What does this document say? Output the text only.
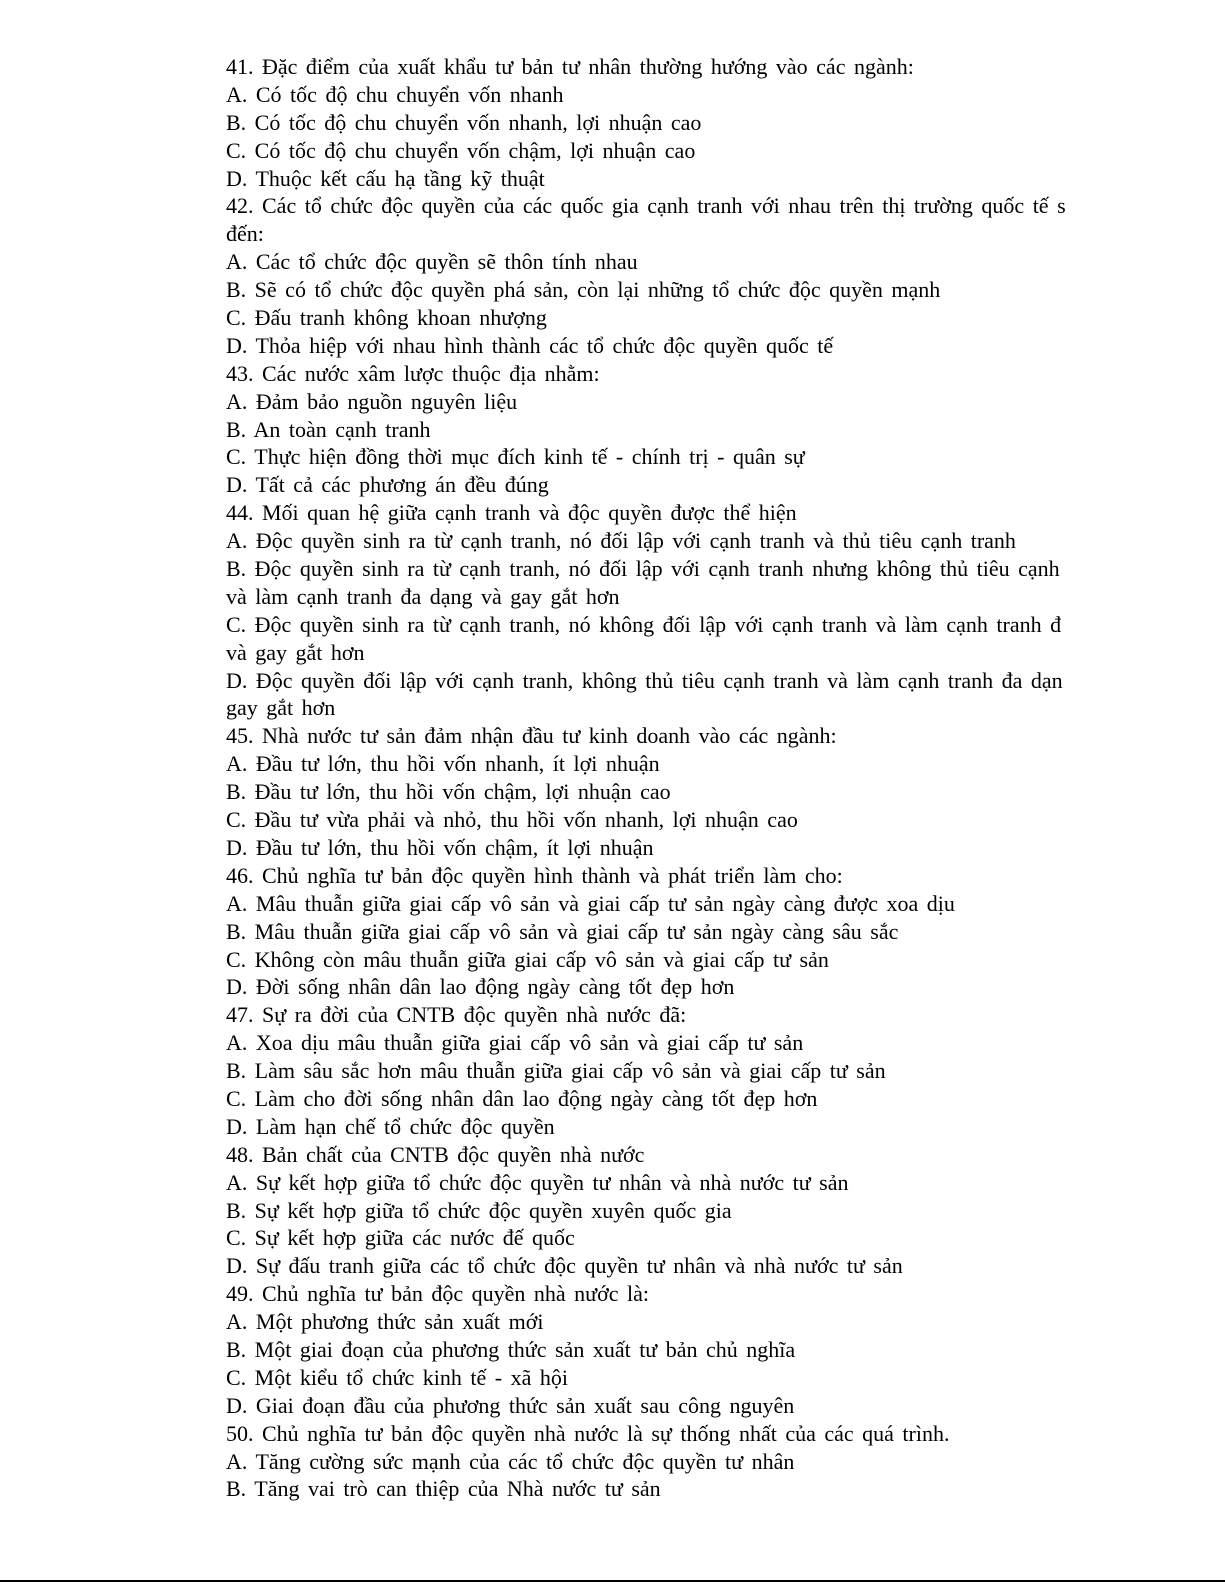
41. Đặc điểm của xuất khẩu tư bản tư nhân thường hướng vào các ngành:
A. Có tốc độ chu chuyển vốn nhanh
B. Có tốc độ chu chuyển vốn nhanh, lợi nhuận cao
C. Có tốc độ chu chuyển vốn chậm, lợi nhuận cao
D. Thuộc kết cấu hạ tầng kỹ thuật
42. Các tổ chức độc quyền của các quốc gia cạnh tranh với nhau trên thị trường quốc tế s
đến:
A. Các tổ chức độc quyền sẽ thôn tính nhau
B. Sẽ có tổ chức độc quyền phá sản, còn lại những tổ chức độc quyền mạnh
C. Đấu tranh không khoan nhượng
D. Thỏa hiệp với nhau hình thành các tổ chức độc quyền quốc tế
43. Các nước xâm lược thuộc địa nhằm:
A. Đảm bảo nguồn nguyên liệu
B. An toàn cạnh tranh
C. Thực hiện đồng thời mục đích kinh tế - chính trị - quân sự
D. Tất cả các phương án đều đúng
44. Mối quan hệ giữa cạnh tranh và độc quyền được thể hiện
A. Độc quyền sinh ra từ cạnh tranh, nó đối lập với cạnh tranh và thủ tiêu cạnh tranh
B. Độc quyền sinh ra từ cạnh tranh, nó đối lập với cạnh tranh nhưng không thủ tiêu cạnh
và làm cạnh tranh đa dạng và gay gắt hơn
C. Độc quyền sinh ra từ cạnh tranh, nó không đối lập với cạnh tranh và làm cạnh tranh đ
và gay gắt hơn
D. Độc quyền đối lập với cạnh tranh, không thủ tiêu cạnh tranh và làm cạnh tranh đa dạn
gay gắt hơn
45. Nhà nước tư sản đảm nhận đầu tư kinh doanh vào các ngành:
A. Đầu tư lớn, thu hồi vốn nhanh, ít lợi nhuận
B. Đầu tư lớn, thu hồi vốn chậm, lợi nhuận cao
C. Đầu tư vừa phải và nhỏ, thu hồi vốn nhanh, lợi nhuận cao
D. Đầu tư lớn, thu hồi vốn chậm, ít lợi nhuận
46. Chủ nghĩa tư bản độc quyền hình thành và phát triển làm cho:
A. Mâu thuẫn giữa giai cấp vô sản và giai cấp tư sản ngày càng được xoa dịu
B. Mâu thuẫn giữa giai cấp vô sản và giai cấp tư sản ngày càng sâu sắc
C. Không còn mâu thuẫn giữa giai cấp vô sản và giai cấp tư sản
D. Đời sống nhân dân lao động ngày càng tốt đẹp hơn
47. Sự ra đời của CNTB độc quyền nhà nước đã:
A. Xoa dịu mâu thuẫn giữa giai cấp vô sản và giai cấp tư sản
B. Làm sâu sắc hơn mâu thuẫn giữa giai cấp vô sản và giai cấp tư sản
C. Làm cho đời sống nhân dân lao động ngày càng tốt đẹp hơn
D. Làm hạn chế tổ chức độc quyền
48. Bản chất của CNTB độc quyền nhà nước
A. Sự kết hợp giữa tổ chức độc quyền tư nhân và nhà nước tư sản
B. Sự kết hợp giữa tổ chức độc quyền xuyên quốc gia
C. Sự kết hợp giữa các nước đế quốc
D. Sự đấu tranh giữa các tổ chức độc quyền tư nhân và nhà nước tư sản
49. Chủ nghĩa tư bản độc quyền nhà nước là:
A. Một phương thức sản xuất mới
B. Một giai đoạn của phương thức sản xuất tư bản chủ nghĩa
C. Một kiểu tổ chức kinh tế - xã hội
D. Giai đoạn đầu của phương thức sản xuất sau công nguyên
50. Chủ nghĩa tư bản độc quyền nhà nước là sự thống nhất của các quá trình.
A. Tăng cường sức mạnh của các tổ chức độc quyền tư nhân
B. Tăng vai trò can thiệp của Nhà nước tư sản
